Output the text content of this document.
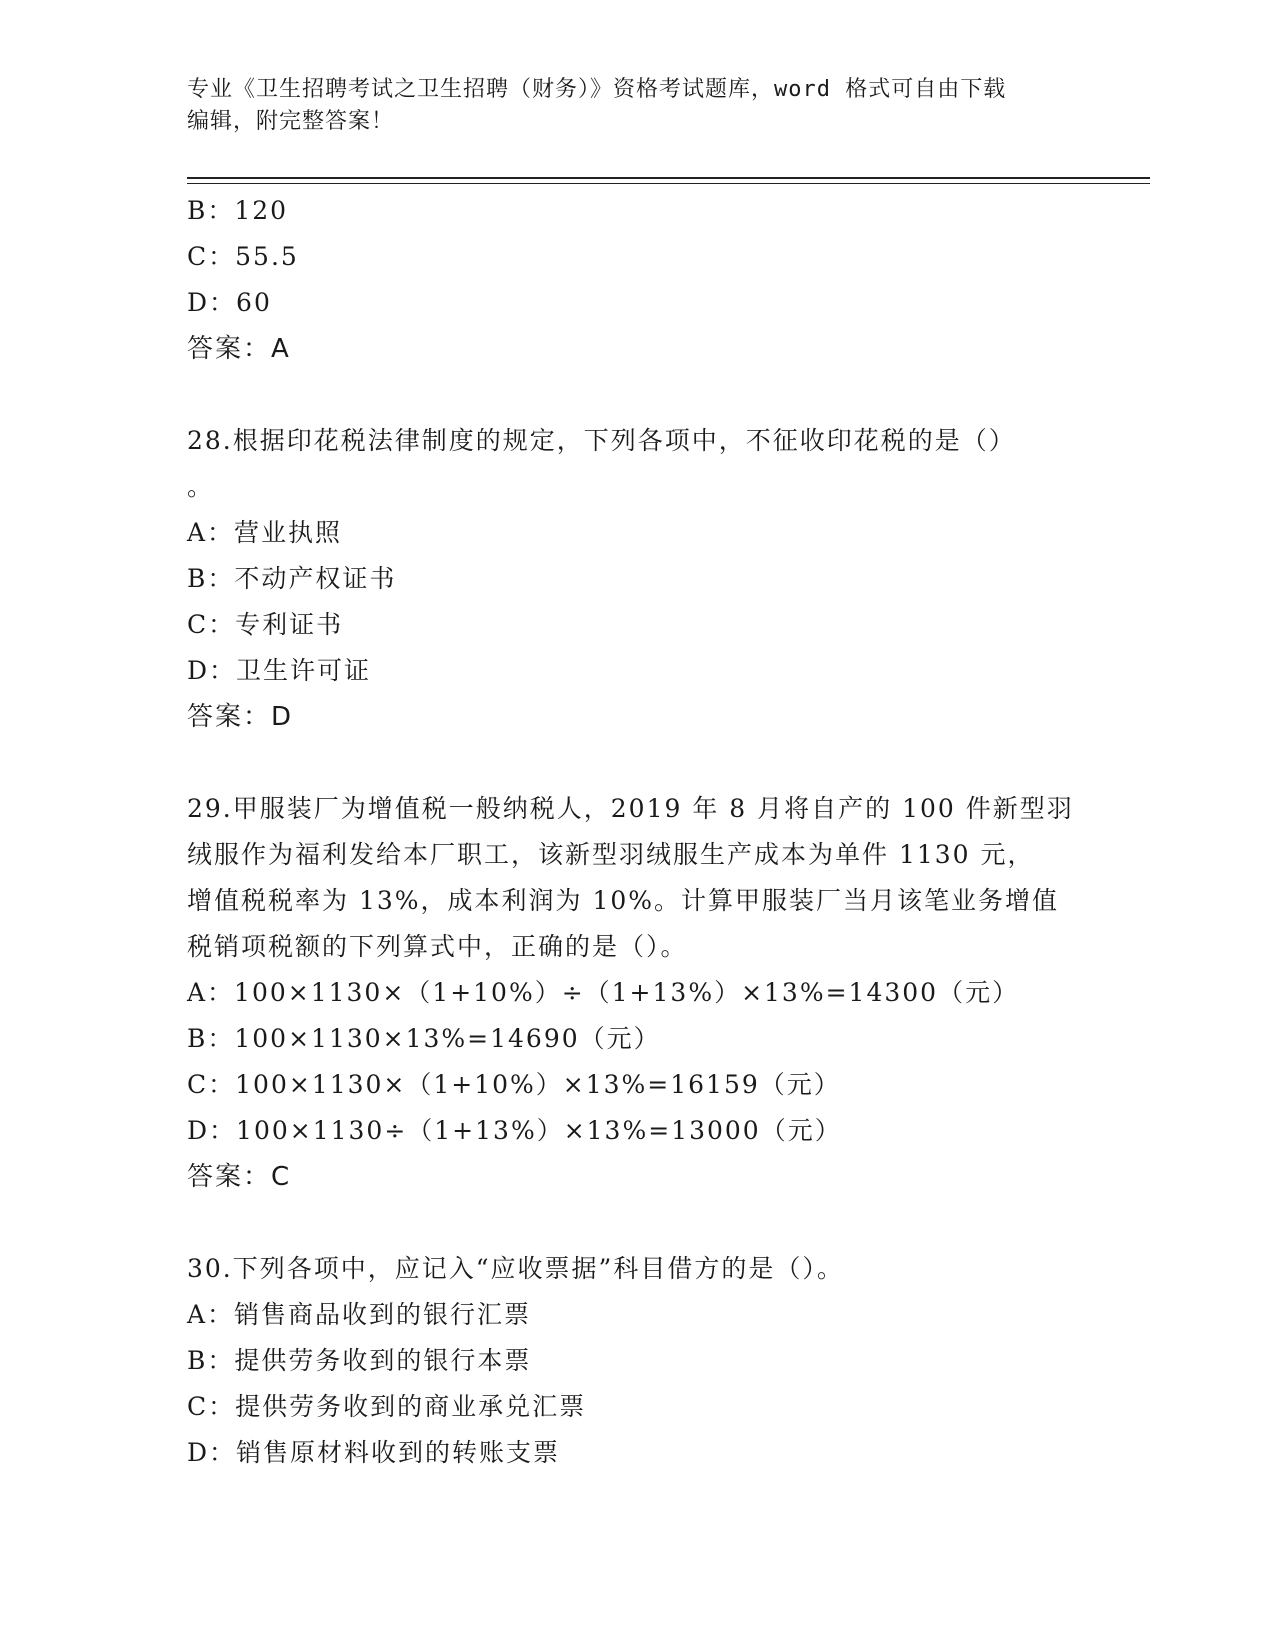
专业《卫生招聘考试之卫生招聘（财务）》资格考试题库，word 格式可自由下载
编辑，附完整答案！
B：120
C：55.5
D：60
答案：A
28.根据印花税法律制度的规定，下列各项中，不征收印花税的是（）
。
A：营业执照
B：不动产权证书
C：专利证书
D：卫生许可证
答案：D
29.甲服装厂为增值税一般纳税人，2019 年 8 月将自产的 100 件新型羽
绒服作为福利发给本厂职工，该新型羽绒服生产成本为单件 1130 元，
增值税税率为 13%，成本利润为 10%。计算甲服装厂当月该笔业务增值
税销项税额的下列算式中，正确的是（）。
A：100×1130×（1+10%）÷（1+13%）×13%=14300（元）
B：100×1130×13%=14690（元）
C：100×1130×（1+10%）×13%=16159（元）
D：100×1130÷（1+13%）×13%=13000（元）
答案：C
30.下列各项中，应记入“应收票据”科目借方的是（）。
A：销售商品收到的银行汇票
B：提供劳务收到的银行本票
C：提供劳务收到的商业承兑汇票
D：销售原材料收到的转账支票
